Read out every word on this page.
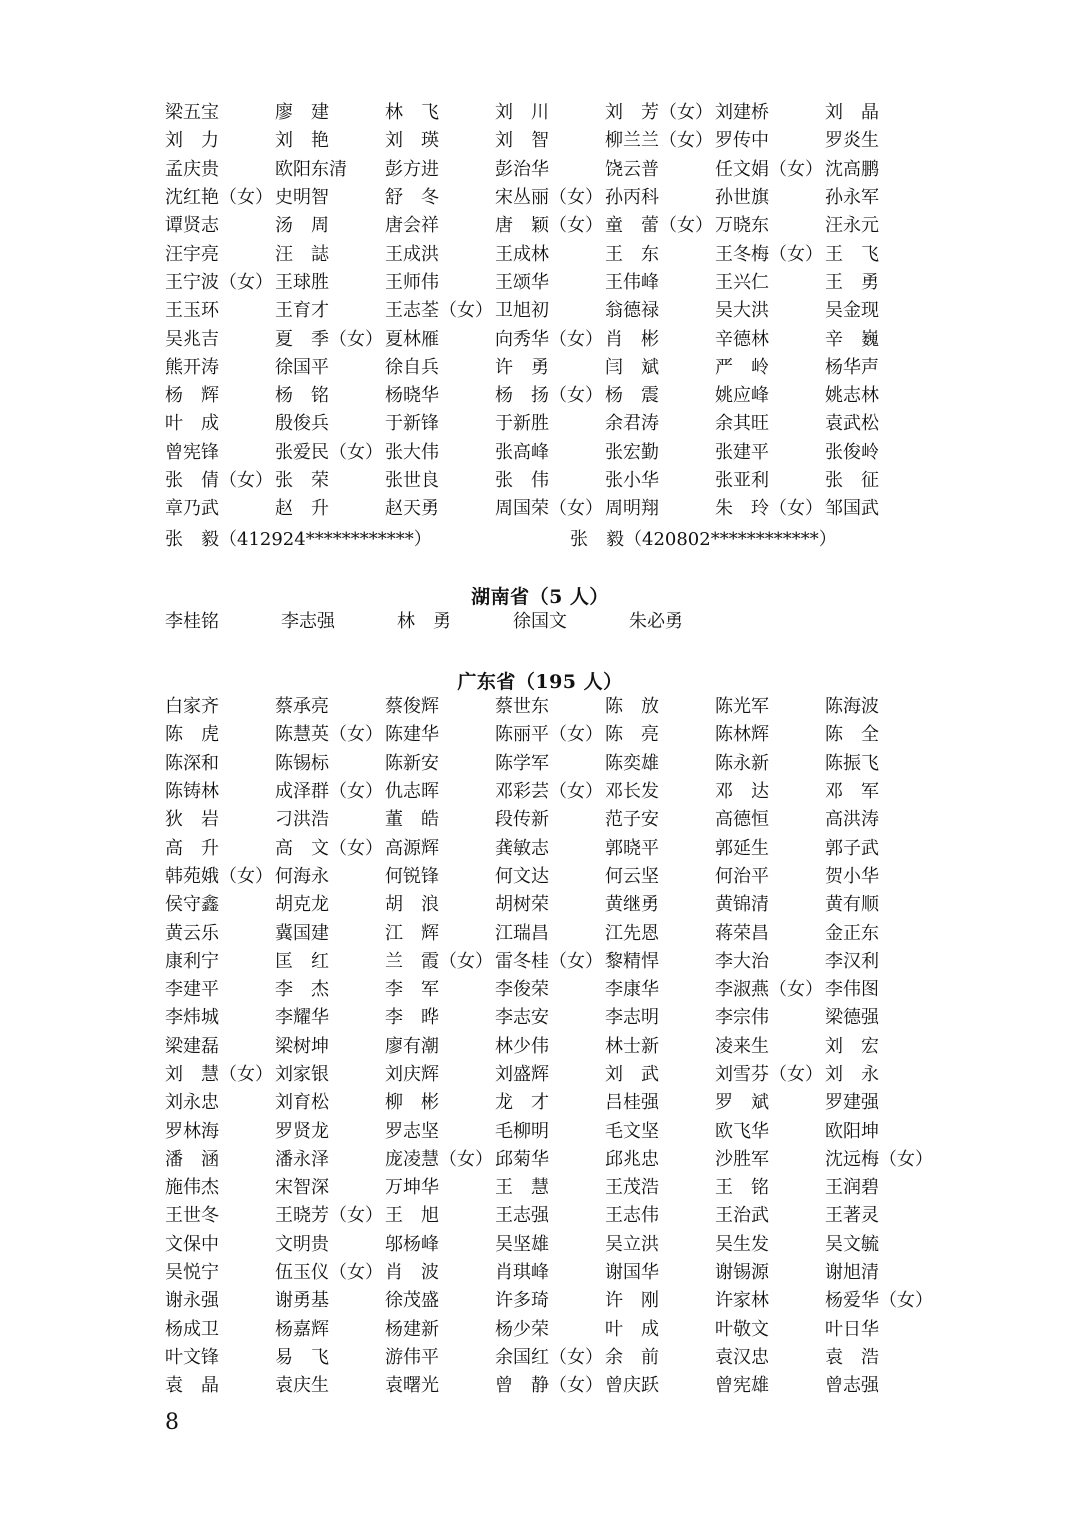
梁五宝	廖　建	林　飞	刘　川	刘　芳（女） 刘建桥	刘　晶
刘　力	刘　艳	刘　瑛	刘　智	柳兰兰（女） 罗传中	罗炎生
孟庆贵	欧阳东清	彭方进	彭治华	饶云普	任文娟（女） 沈高鹏
沈红艳（女） 史明智	舒　冬	宋丛丽（女） 孙丙科	孙世旗	孙永军
谭贤志	汤　周	唐会祥	唐　颖（女） 童　蕾（女） 万晓东	汪永元
汪宇亮	汪　誌	王成洪	王成林	王　东	王冬梅（女） 王　飞
王宁波（女） 王球胜	王师伟	王颂华	王伟峰	王兴仁	王　勇
王玉环	王育才	王志荃（女） 卫旭初	翁德禄	吴大洪	吴金现
吴兆吉	夏　季（女） 夏林雁	向秀华（女） 肖　彬	辛德林	辛　巍
熊开涛	徐国平	徐自兵	许　勇	闫　斌	严　岭	杨华声
杨　辉	杨　铭	杨晓华	杨　扬（女） 杨　震	姚应峰	姚志林
叶　成	殷俊兵	于新锋	于新胜	余君涛	余其旺	袁武松
曾宪锋	张爱民（女） 张大伟	张高峰	张宏勤	张建平	张俊岭
张　倩（女） 张　荣	张世良	张　伟	张小华	张亚利	张　征
章乃武	赵　升	赵天勇	周国荣（女） 周明翔	朱　玲（女） 邹国武
张　毅（412924************）	张　毅（420802************）
湖南省（5 人）
李桂铭	李志强	林　勇	徐国文	朱必勇
广东省（195 人）
白家齐	蔡承亮	蔡俊辉	蔡世东	陈　放	陈光军	陈海波
陈　虎	陈慧英（女） 陈建华	陈丽平（女） 陈　亮	陈林辉	陈　全
陈深和	陈锡标	陈新安	陈学军	陈奕雄	陈永新	陈振飞
陈铸林	成泽群（女） 仇志晖	邓彩芸（女） 邓长发	邓　达	邓　军
狄　岩	刁洪浩	董　皓	段传新	范子安	高德恒	高洪涛
高　升	高　文（女） 高源辉	龚敏志	郭晓平	郭延生	郭子武
韩苑娥（女） 何海永	何锐锋	何文达	何云坚	何治平	贺小华
侯守鑫	胡克龙	胡　浪	胡树荣	黄继勇	黄锦清	黄有顺
黄云乐	冀国建	江　辉	江瑞昌	江先恩	蒋荣昌	金正东
康利宁	匡　红	兰　霞（女） 雷冬桂（女） 黎精悍	李大治	李汉利
李建平	李　杰	李　军	李俊荣	李康华	李淑燕（女） 李伟图
李炜城	李耀华	李　晔	李志安	李志明	李宗伟	梁德强
梁建磊	梁树坤	廖有潮	林少伟	林士新	凌来生	刘　宏
刘　慧（女） 刘家银	刘庆辉	刘盛辉	刘　武	刘雪芬（女） 刘　永
刘永忠	刘育松	柳　彬	龙　才	吕桂强	罗　斌	罗建强
罗林海	罗贤龙	罗志坚	毛柳明	毛文坚	欧飞华	欧阳坤
潘　涵	潘永泽	庞凌慧（女） 邱菊华	邱兆忠	沙胜军	沈远梅（女）
施伟杰	宋智深	万坤华	王　慧	王茂浩	王　铭	王润碧
王世冬	王晓芳（女） 王　旭	王志强	王志伟	王治武	王著灵
文保中	文明贵	邬杨峰	吴坚雄	吴立洪	吴生发	吴文毓
吴悦宁	伍玉仪（女） 肖　波	肖琪峰	谢国华	谢锡源	谢旭清
谢永强	谢勇基	徐茂盛	许多琦	许　刚	许家林	杨爱华（女）
杨成卫	杨嘉辉	杨建新	杨少荣	叶　成	叶敬文	叶日华
叶文锋	易　飞	游伟平	余国红（女） 余　前	袁汉忠	袁　浩
袁　晶	袁庆生	袁曙光	曾　静（女） 曾庆跃	曾宪雄	曾志强
8
